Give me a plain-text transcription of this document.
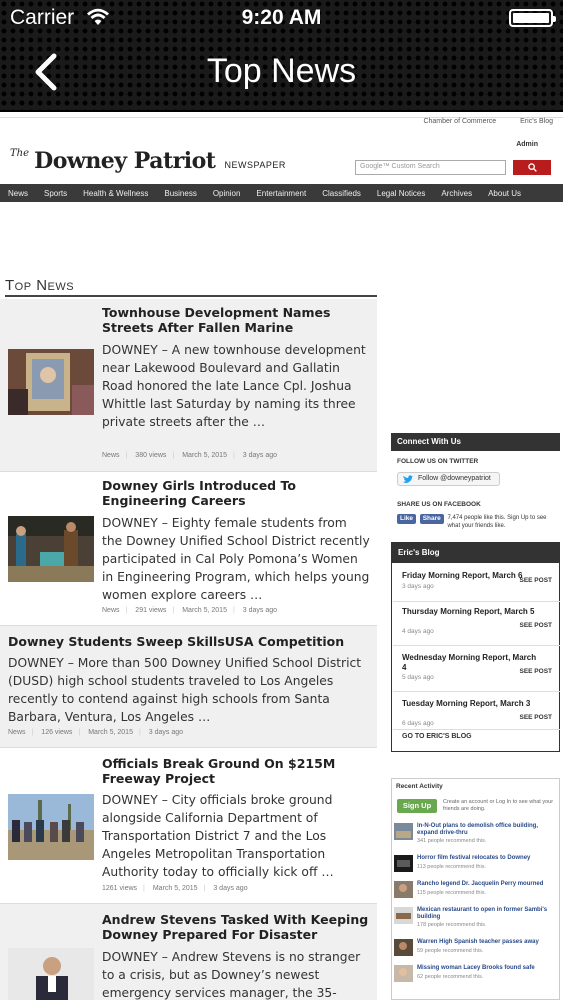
Carrier	9:20 AM
Top News
Chamber of Commerce	Eric's Blog
Admin
$^{The}$ Downey Patriot NEWSPAPER	Google™ Custom Search
News	Sports	Health & Wellness	Business	Opinion	Entertainment	Classifieds	Legal Notices	Archives	About Us
Top News
Townhouse Development Names Streets After Fallen Marine
DOWNEY – A new townhouse development near Lakewood Boulevard and Gallatin Road honored the late Lance Cpl. Joshua Whittle last Saturday by naming its three private streets after the …
News | 380 views | March 5, 2015 | 3 days ago
Downey Girls Introduced To Engineering Careers
DOWNEY – Eighty female students from the Downey Unified School District recently participated in Cal Poly Pomona’s Women in Engineering Program, which helps young women explore careers …
News | 291 views | March 5, 2015 | 3 days ago
Downey Students Sweep SkillsUSA Competition
DOWNEY – More than 500 Downey Unified School District (DUSD) high school students traveled to Los Angeles recently to contend against high schools from Santa Barbara, Ventura, Los Angeles …
News | 126 views | March 5, 2015 | 3 days ago
Officials Break Ground On $215M Freeway Project
DOWNEY – City officials broke ground alongside California Department of Transportation District 7 and the Los Angeles Metropolitan Transportation Authority today to officially kick off …
1261 views | March 5, 2015 | 3 days ago
Andrew Stevens Tasked With Keeping Downey Prepared For Disaster
DOWNEY – Andrew Stevens is no stranger to a crisis, but as Downey’s newest emergency services manager, the 35-
Connect With Us
FOLLOW US ON TWITTER
Follow @downeypatriot
SHARE US ON FACEBOOK
Like Share 7,474 people like this. Sign Up to see what your friends like.
Eric's Blog
Friday Morning Report, March 6
3 days ago
SEE POST
Thursday Morning Report, March 5
4 days ago
SEE POST
Wednesday Morning Report, March 4
5 days ago
SEE POST
Tuesday Morning Report, March 3
6 days ago
SEE POST
GO TO ERIC'S BLOG
Recent Activity
Sign Up	Create an account or Log In to see what your friends are doing.
In-N-Out plans to demolish office building, expand drive-thru
341 people recommend this.
Horror film festival relocates to Downey
113 people recommend this.
Rancho legend Dr. Jacquelin Perry mourned
115 people recommend this.
Mexican restaurant to open in former Sambi's building
178 people recommend this.
Warren High Spanish teacher passes away
59 people recommend this.
Missing woman Lacey Brooks found safe
62 people recommend this.
